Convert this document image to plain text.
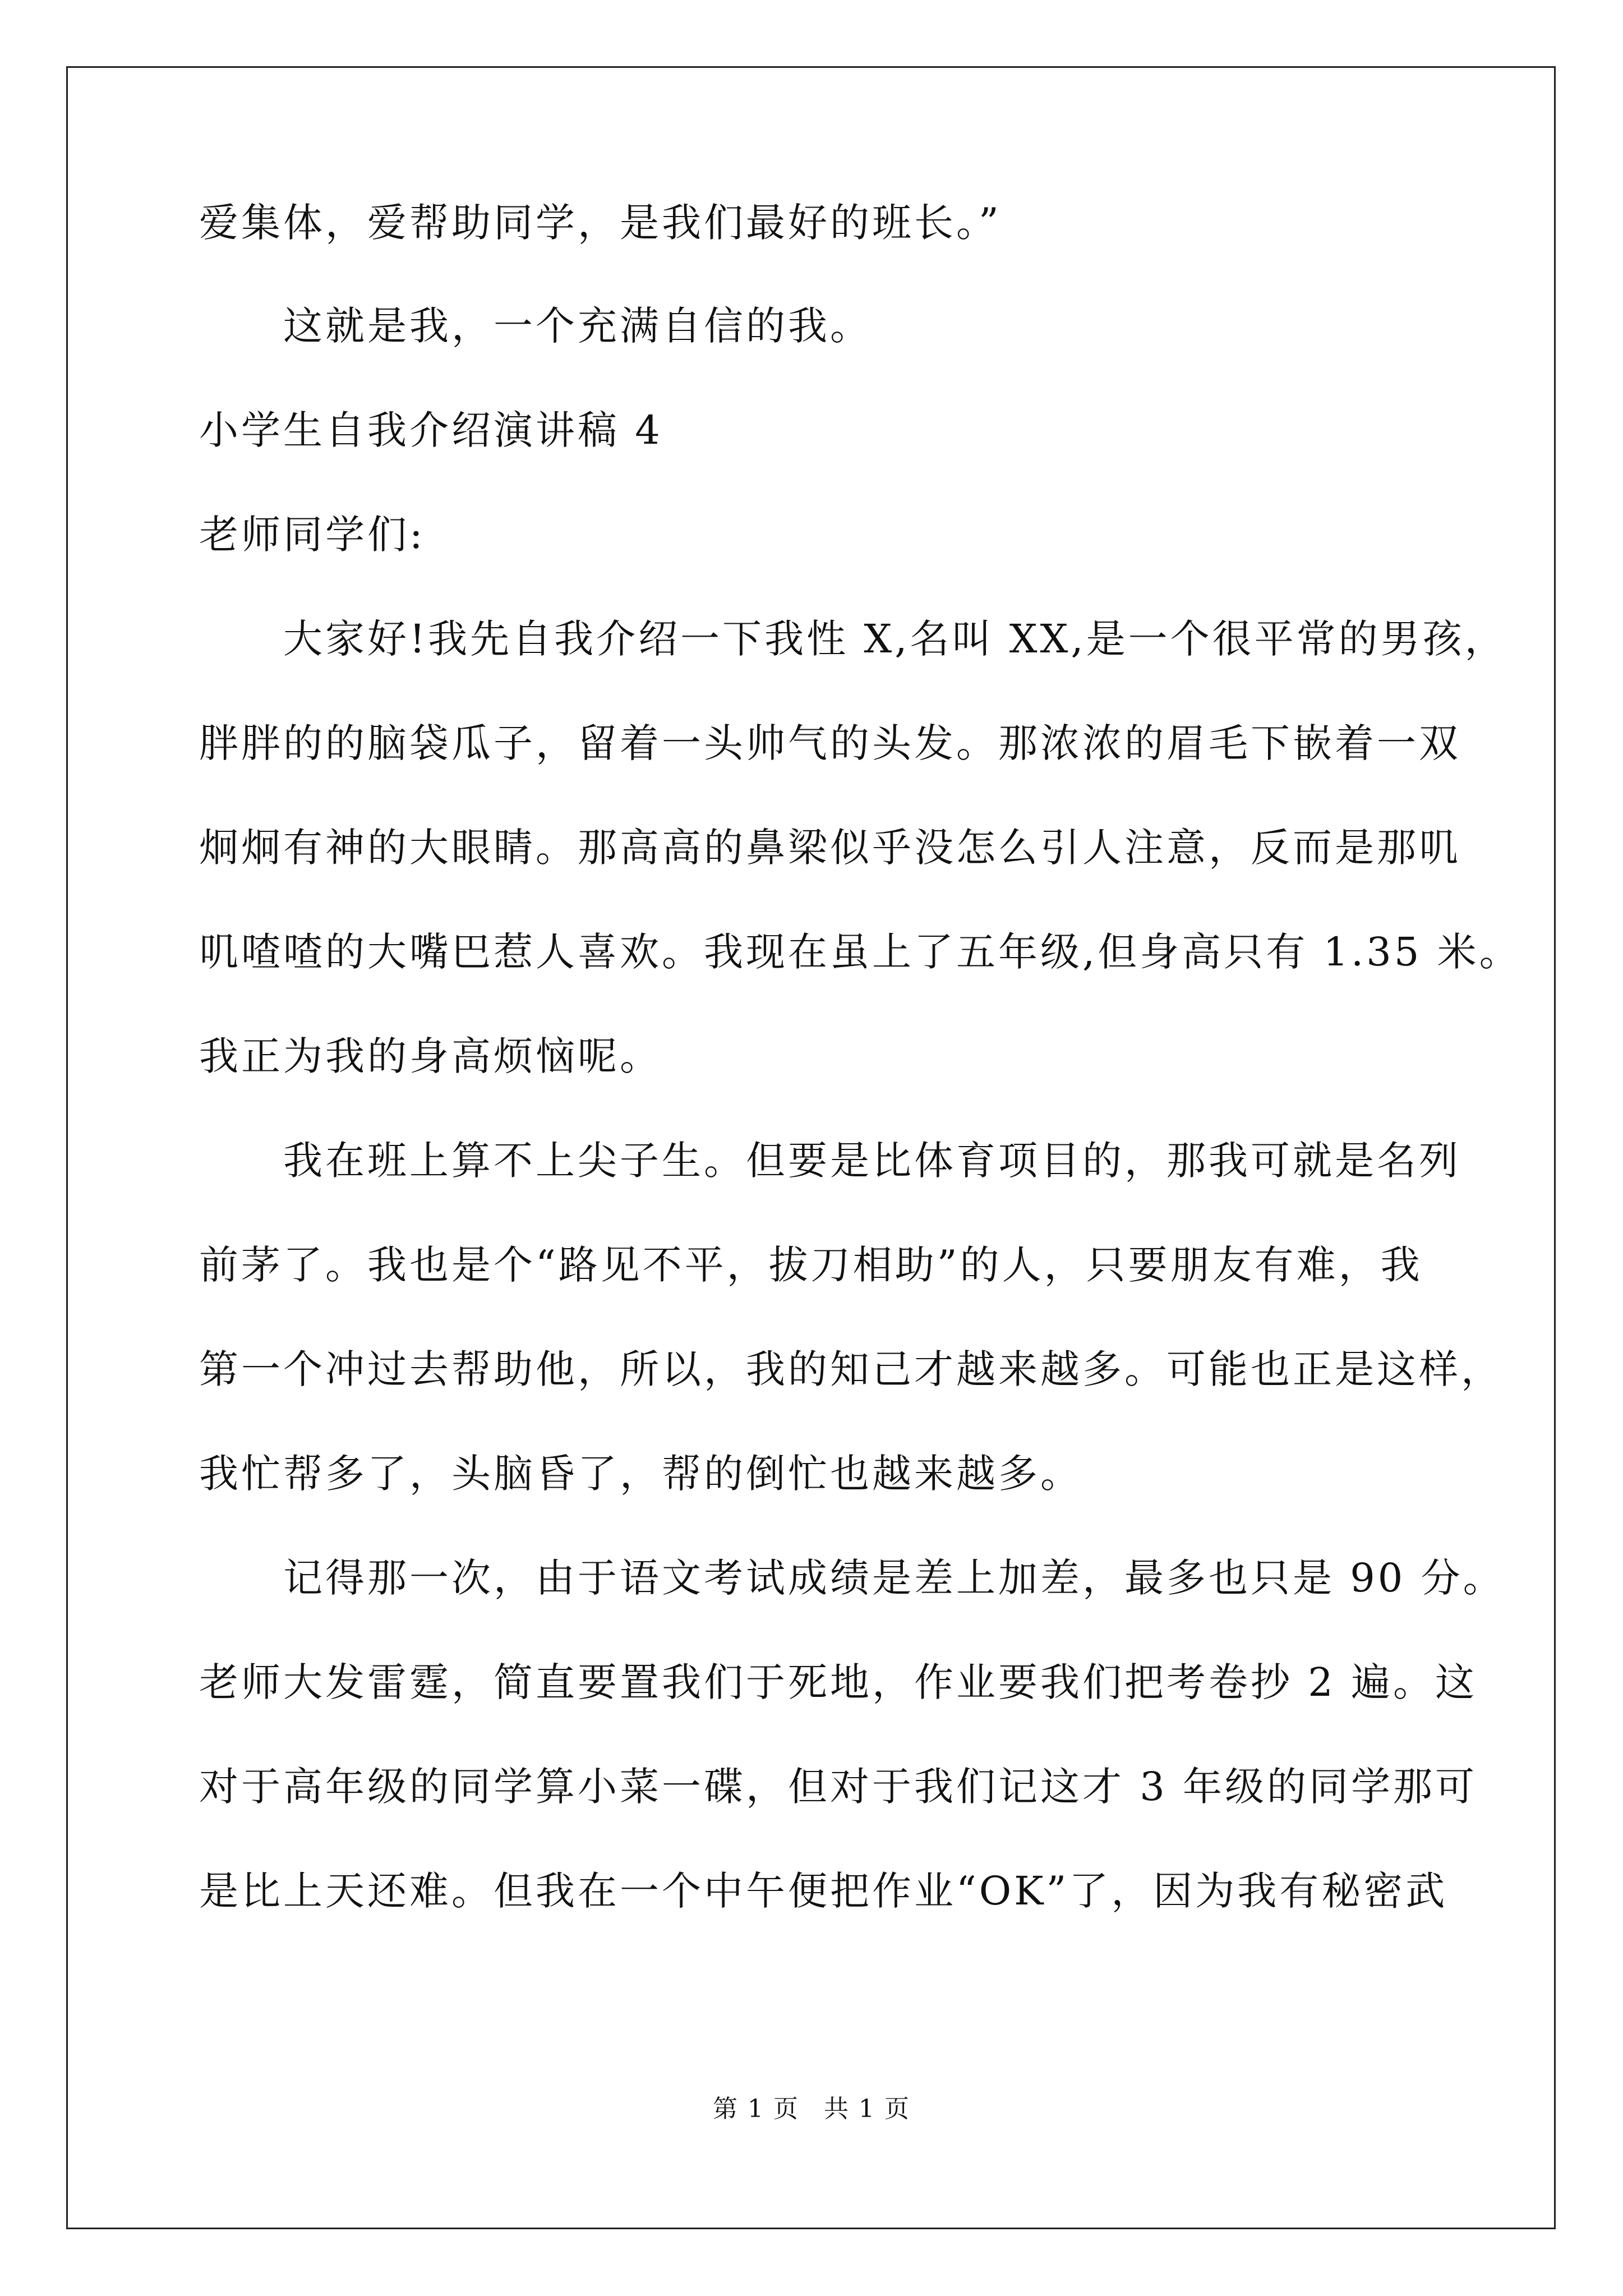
爱集体，爱帮助同学，是我们最好的班长。”
这就是我，一个充满自信的我。
小学生自我介绍演讲稿 4
老师同学们:
大家好!我先自我介绍一下我性 X,名叫 XX,是一个很平常的男孩，
胖胖的的脑袋瓜子，留着一头帅气的头发。那浓浓的眉毛下嵌着一双
炯炯有神的大眼睛。那高高的鼻梁似乎没怎么引人注意，反而是那叽
叽喳喳的大嘴巴惹人喜欢。我现在虽上了五年级,但身高只有 1.35 米。
我正为我的身高烦恼呢。
我在班上算不上尖子生。但要是比体育项目的，那我可就是名列
前茅了。我也是个“路见不平，拔刀相助”的人，只要朋友有难，我
第一个冲过去帮助他，所以，我的知己才越来越多。可能也正是这样，
我忙帮多了，头脑昏了，帮的倒忙也越来越多。
记得那一次，由于语文考试成绩是差上加差，最多也只是 90 分。
老师大发雷霆，简直要置我们于死地，作业要我们把考卷抄 2 遍。这
对于高年级的同学算小菜一碟，但对于我们记这才 3 年级的同学那可
是比上天还难。但我在一个中午便把作业“OK”了，因为我有秘密武
第 1 页 共 1 页
